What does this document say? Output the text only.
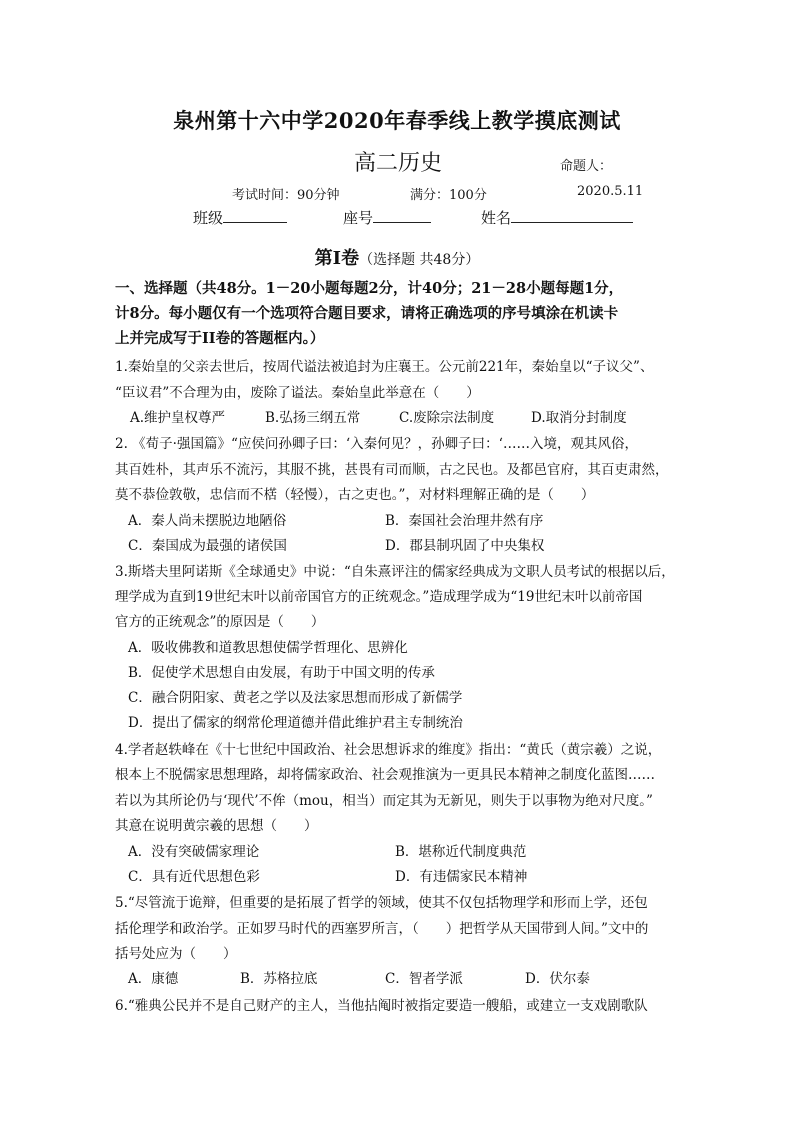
泉州第十六中学2020年春季线上教学摸底测试
高二历史	命题人：
考试时间：90分钟	满分：100分	2020.5.11
班级	座号	姓名
第Ⅰ卷（选择题 共48分）
一、选择题（共48分。1－20小题每题2分，计40分；21－28小题每题1分，
计8分。每小题仅有一个选项符合题目要求，请将正确选项的序号填涂在机读卡
上并完成写于II卷的答题框内。）
1.秦始皇的父亲去世后，按周代谥法被追封为庄襄王。公元前221年，秦始皇以“子议父”、
“臣议君”不合理为由，废除了谥法。秦始皇此举意在（　　）
A.维护皇权尊严	B.弘扬三纲五常	C.废除宗法制度	D.取消分封制度
2. 《荀子·强国篇》“应侯问孙卿子曰：‘入秦何见？，孙卿子曰：‘……入境，观其风俗，
其百姓朴，其声乐不流污，其服不挑，甚畏有司而顺，古之民也。及都邑官府，其百吏肃然，
莫不恭俭敦敬，忠信而不楛（轻慢），古之吏也。”，对材料理解正确的是（　　）
A．秦人尚未摆脱边地陋俗	B．秦国社会治理井然有序
C．秦国成为最强的诸侯国	D．郡县制巩固了中央集权
3.斯塔夫里阿诺斯《全球通史》中说：“自朱熹评注的儒家经典成为文职人员考试的根据以后，
理学成为直到19世纪末叶以前帝国官方的正统观念。”造成理学成为“19世纪末叶以前帝国
官方的正统观念”的原因是（　　）
A．吸收佛教和道教思想使儒学哲理化、思辨化
B．促使学术思想自由发展，有助于中国文明的传承
C．融合阴阳家、黄老之学以及法家思想而形成了新儒学
D．提出了儒家的纲常伦理道德并借此维护君主专制统治
4.学者赵轶峰在《十七世纪中国政治、社会思想诉求的维度》指出：“黄氏（黄宗羲）之说，
根本上不脱儒家思想理路，却将儒家政治、社会观推演为一更具民本精神之制度化蓝图……
若以为其所论仍与‘现代’不侔（mou，相当）而定其为无新见，则失于以事物为绝对尺度。”
其意在说明黄宗羲的思想（　　）
A．没有突破儒家理论	B．堪称近代制度典范
C．具有近代思想色彩	D．有违儒家民本精神
5.“尽管流于诡辩，但重要的是拓展了哲学的领域，使其不仅包括物理学和形而上学，还包
括伦理学和政治学。正如罗马时代的西塞罗所言，（　　）把哲学从天国带到人间。”文中的
括号处应为（　　）
A．康德	B．苏格拉底	C．智者学派	D．伏尔泰
6.“雅典公民并不是自己财产的主人，当他拈阄时被指定要造一艘船，或建立一支戏剧歌队
